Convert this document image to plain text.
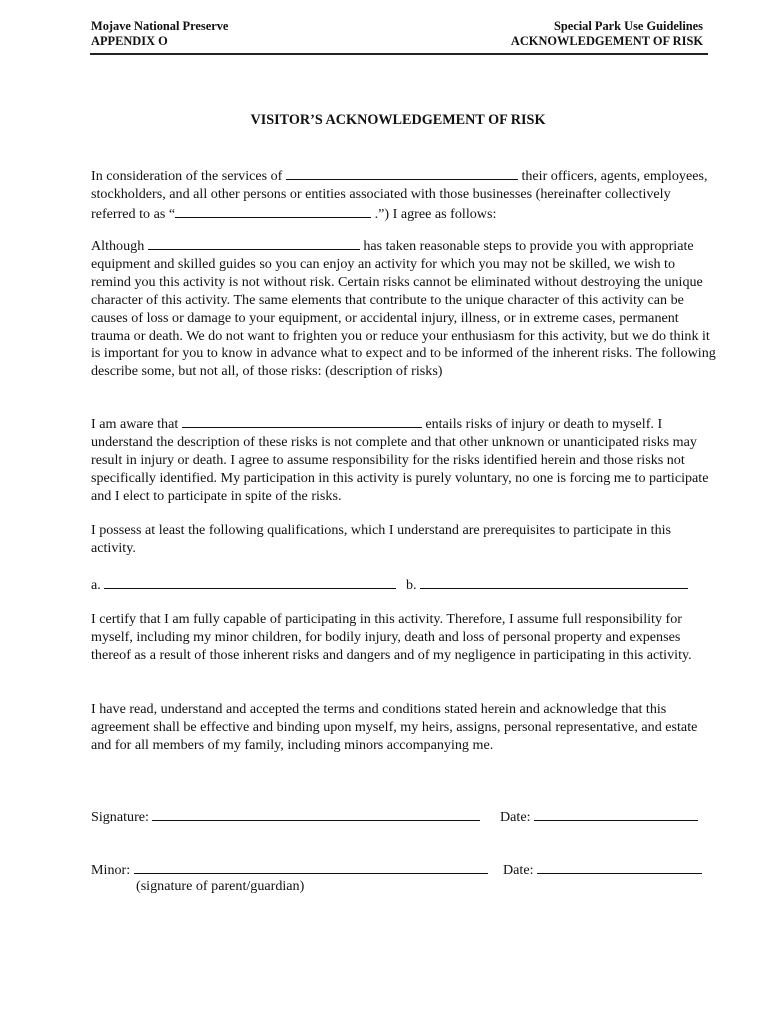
Mojave National Preserve
APPENDIX O
Special Park Use Guidelines
ACKNOWLEDGEMENT OF RISK
VISITOR’S ACKNOWLEDGEMENT OF RISK

In consideration of the services of	their officers, agents, employees, stockholders, and all other persons or entities associated with those businesses (hereinafter collectively referred to as “	.”) I agree as follows:

Although	has taken reasonable steps to provide you with appropriate equipment and skilled guides so you can enjoy an activity for which you may not be skilled, we wish to remind you this activity is not without risk. Certain risks cannot be eliminated without destroying the unique character of this activity. The same elements that contribute to the unique character of this activity can be causes of loss or damage to your equipment, or accidental injury, illness, or in extreme cases, permanent trauma or death. We do not want to frighten you or reduce your enthusiasm for this activity, but we do think it is important for you to know in advance what to expect and to be informed of the inherent risks. The following describe some, but not all, of those risks: (description of risks)

I am aware that	entails risks of injury or death to myself. I understand the description of these risks is not complete and that other unknown or unanticipated risks may result in injury or death. I agree to assume responsibility for the risks identified herein and those risks not specifically identified. My participation in this activity is purely voluntary, no one is forcing me to participate and I elect to participate in spite of the risks.

I possess at least the following qualifications, which I understand are prerequisites to participate in this activity.

a.	b.

I certify that I am fully capable of participating in this activity. Therefore, I assume full responsibility for myself, including my minor children, for bodily injury, death and loss of personal property and expenses thereof as a result of those inherent risks and dangers and of my negligence in participating in this activity.

I have read, understand and accepted the terms and conditions stated herein and acknowledge that this agreement shall be effective and binding upon myself, my heirs, assigns, personal representative, and estate and for all members of my family, including minors accompanying me.

Signature:	Date:
Minor:	Date:
(signature of parent/guardian)
